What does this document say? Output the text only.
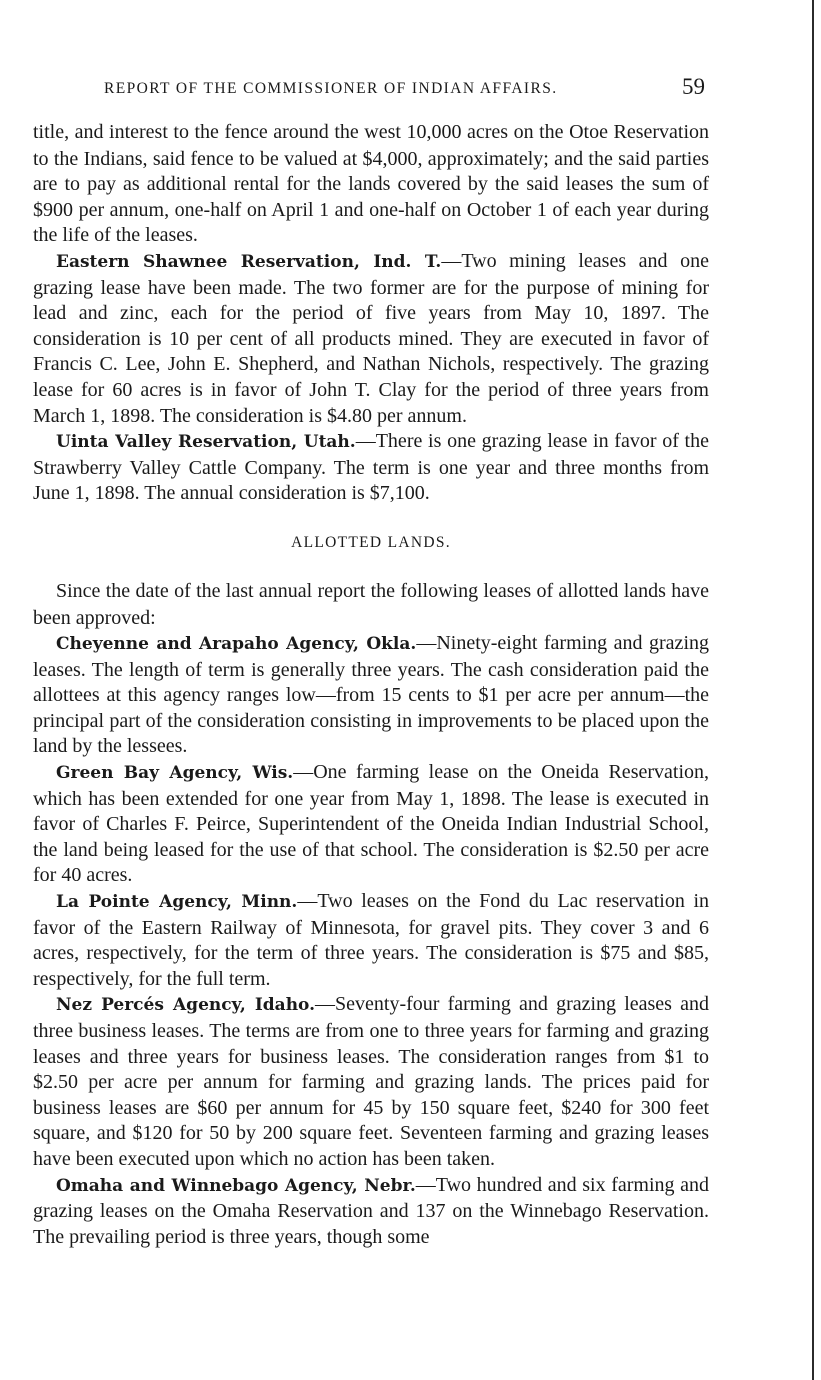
REPORT OF THE COMMISSIONER OF INDIAN AFFAIRS.	59

title, and interest to the fence around the west 10,000 acres on the Otoe Reservation to the Indians, said fence to be valued at $4,000, approximately; and the said parties are to pay as additional rental for the lands covered by the said leases the sum of $900 per annum, one-half on April 1 and one-half on October 1 of each year during the life of the leases.

Eastern Shawnee Reservation, Ind. T.—Two mining leases and one grazing lease have been made. The two former are for the purpose of mining for lead and zinc, each for the period of five years from May 10, 1897. The consideration is 10 per cent of all products mined. They are executed in favor of Francis C. Lee, John E. Shepherd, and Nathan Nichols, respectively. The grazing lease for 60 acres is in favor of John T. Clay for the period of three years from March 1, 1898. The consideration is $4.80 per annum.

Uinta Valley Reservation, Utah.—There is one grazing lease in favor of the Strawberry Valley Cattle Company. The term is one year and three months from June 1, 1898. The annual consideration is $7,100.

ALLOTTED LANDS.

Since the date of the last annual report the following leases of allotted lands have been approved:

Cheyenne and Arapaho Agency, Okla.—Ninety-eight farming and grazing leases. The length of term is generally three years. The cash consideration paid the allottees at this agency ranges low—from 15 cents to $1 per acre per annum—the principal part of the consideration consisting in improvements to be placed upon the land by the lessees.

Green Bay Agency, Wis.—One farming lease on the Oneida Reservation, which has been extended for one year from May 1, 1898. The lease is executed in favor of Charles F. Peirce, Superintendent of the Oneida Indian Industrial School, the land being leased for the use of that school. The consideration is $2.50 per acre for 40 acres.

La Pointe Agency, Minn.—Two leases on the Fond du Lac reservation in favor of the Eastern Railway of Minnesota, for gravel pits. They cover 3 and 6 acres, respectively, for the term of three years. The consideration is $75 and $85, respectively, for the full term.

Nez Percés Agency, Idaho.—Seventy-four farming and grazing leases and three business leases. The terms are from one to three years for farming and grazing leases and three years for business leases. The consideration ranges from $1 to $2.50 per acre per annum for farming and grazing lands. The prices paid for business leases are $60 per annum for 45 by 150 square feet, $240 for 300 feet square, and $120 for 50 by 200 square feet. Seventeen farming and grazing leases have been executed upon which no action has been taken.

Omaha and Winnebago Agency, Nebr.—Two hundred and six farming and grazing leases on the Omaha Reservation and 137 on the Winnebago Reservation. The prevailing period is three years, though some
